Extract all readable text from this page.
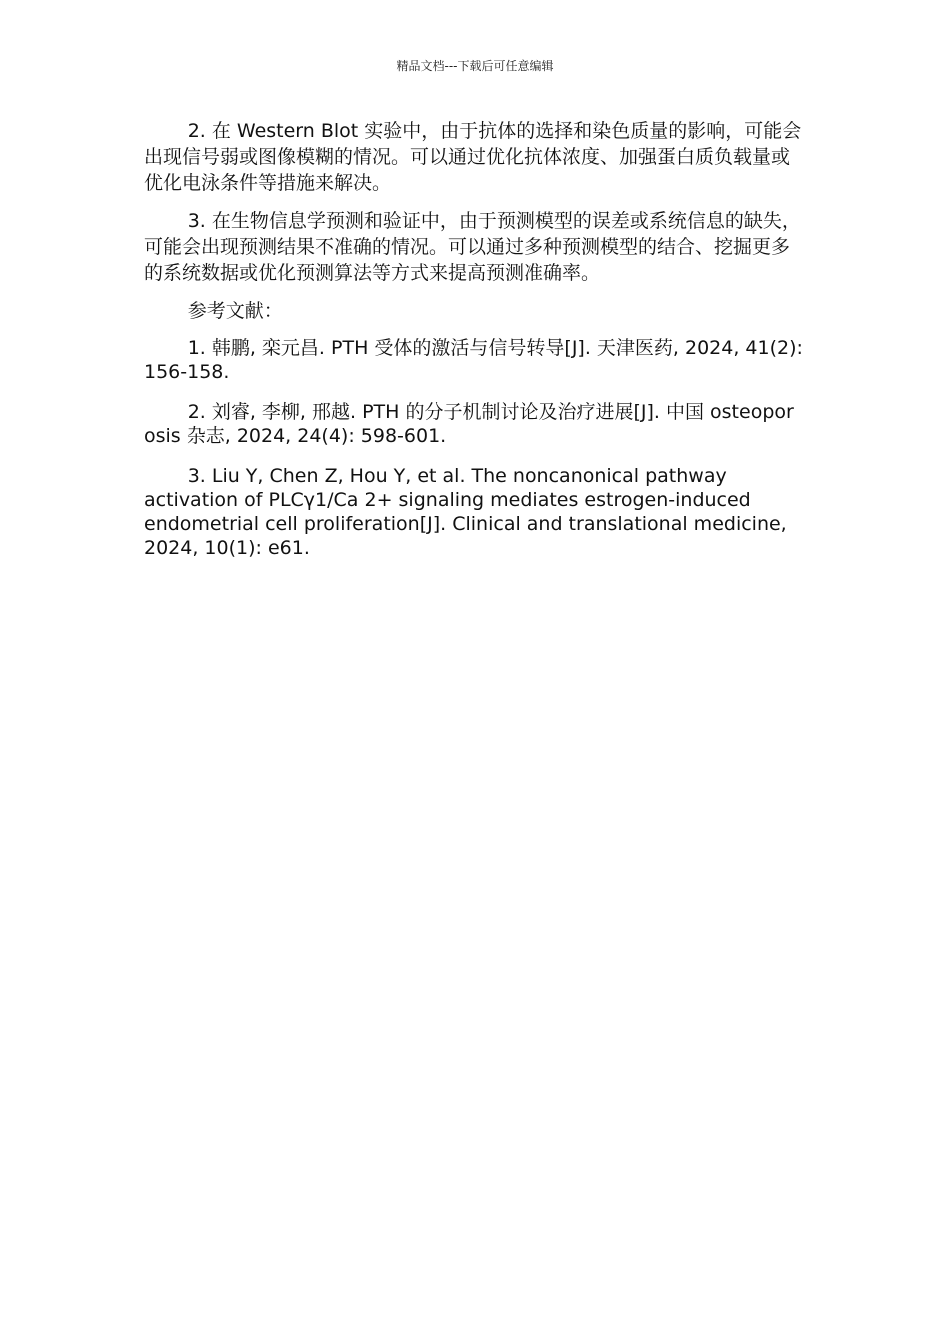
精品文档---下载后可任意编辑

2. 在 Western Blot 实验中，由于抗体的选择和染色质量的影响，可能会出现信号弱或图像模糊的情况。可以通过优化抗体浓度、加强蛋白质负载量或优化电泳条件等措施来解决。

3. 在生物信息学预测和验证中，由于预测模型的误差或系统信息的缺失，可能会出现预测结果不准确的情况。可以通过多种预测模型的结合、挖掘更多的系统数据或优化预测算法等方式来提高预测准确率。

参考文献：

1. 韩鹏, 栾元昌. PTH 受体的激活与信号转导[J]. 天津医药, 2024, 41(2): 156-158.

2. 刘睿, 李柳, 邢越. PTH 的分子机制讨论及治疗进展[J]. 中国 osteoporosis 杂志, 2024, 24(4): 598-601.

3. Liu Y, Chen Z, Hou Y, et al. The noncanonical pathway activation of PLCγ1/Ca 2+ signaling mediates estrogen-induced endometrial cell proliferation[J]. Clinical and translational medicine, 2024, 10(1): e61.
